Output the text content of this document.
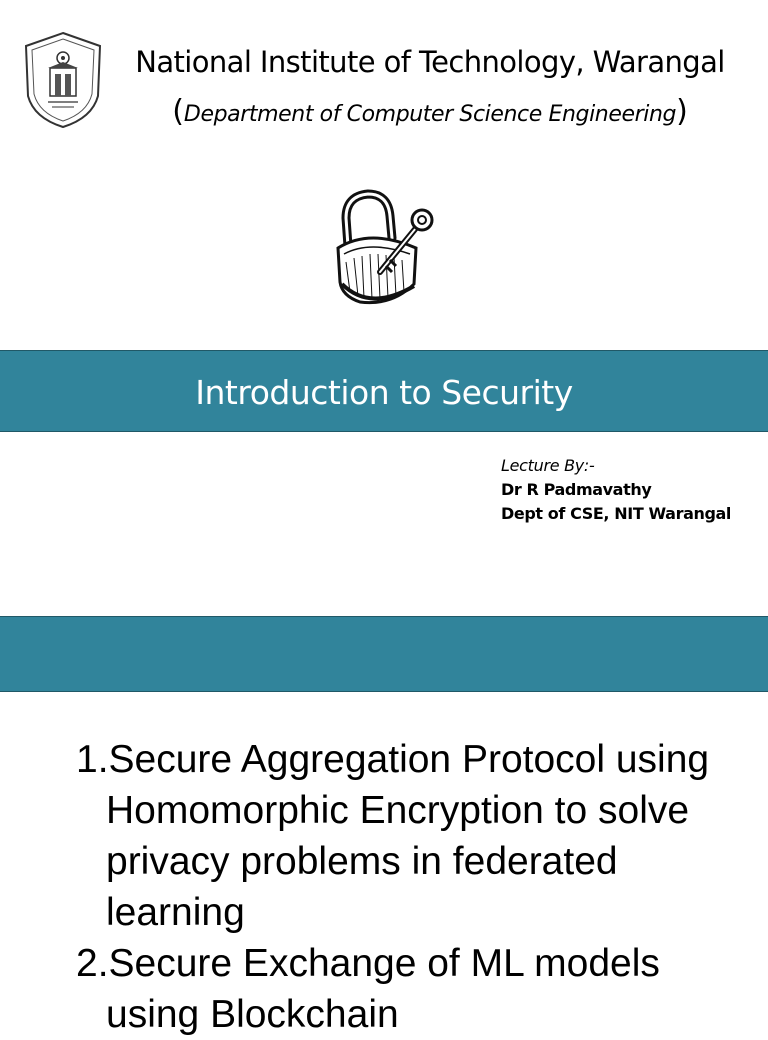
National Institute of Technology, Warangal
(Department of Computer Science Engineering)
Introduction to Security
Lecture By:-
Dr R Padmavathy
Dept of CSE, NIT Warangal
1.Secure Aggregation Protocol using Homomorphic Encryption to solve privacy problems in federated learning
2.Secure Exchange of ML models using Blockchain
